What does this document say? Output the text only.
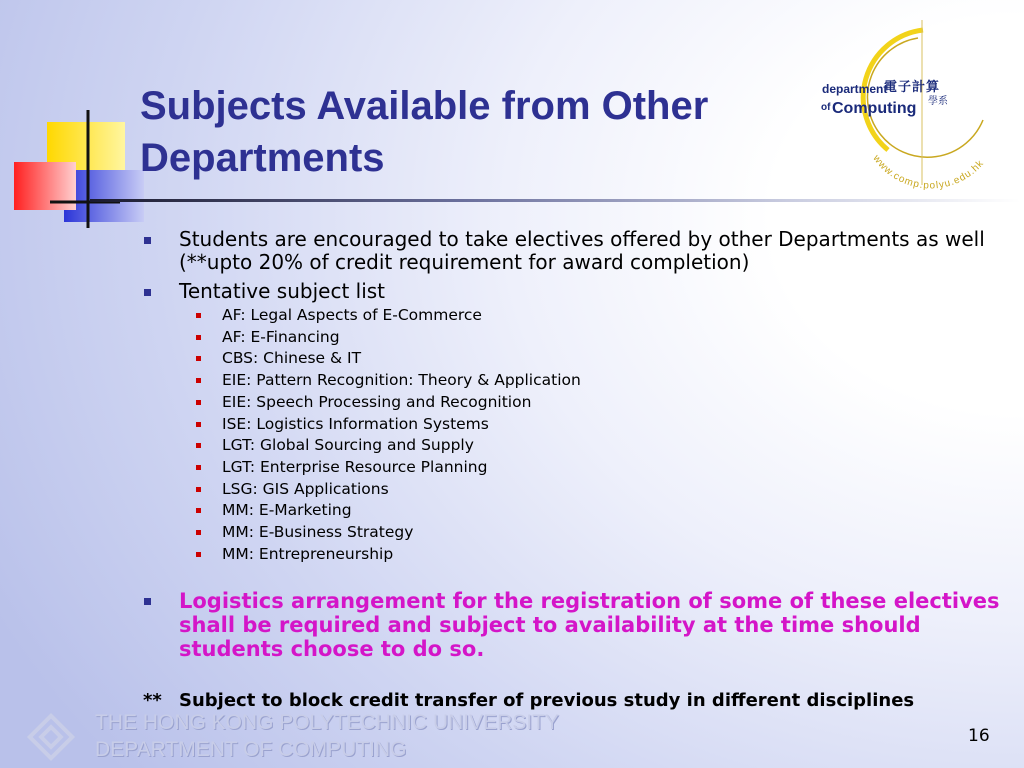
Subjects Available from Other
Departments
department
of Computing
電子計算
學系
www.comp.polyu.edu.hk
Students are encouraged to take electives offered by other Departments as well (**upto 20% of credit requirement for award completion)
Tentative subject list
AF: Legal Aspects of E-Commerce
AF: E-Financing
CBS: Chinese & IT
EIE: Pattern Recognition: Theory & Application
EIE: Speech Processing and Recognition
ISE: Logistics Information Systems
LGT: Global Sourcing and Supply
LGT: Enterprise Resource Planning
LSG: GIS Applications
MM: E-Marketing
MM: E-Business Strategy
MM: Entrepreneurship
Logistics arrangement for the registration of some of these electives shall be required and subject to availability at the time should students choose to do so.
** Subject to block credit transfer of previous study in different disciplines
THE HONG KONG POLYTECHNIC UNIVERSITY
DEPARTMENT OF COMPUTING
16
